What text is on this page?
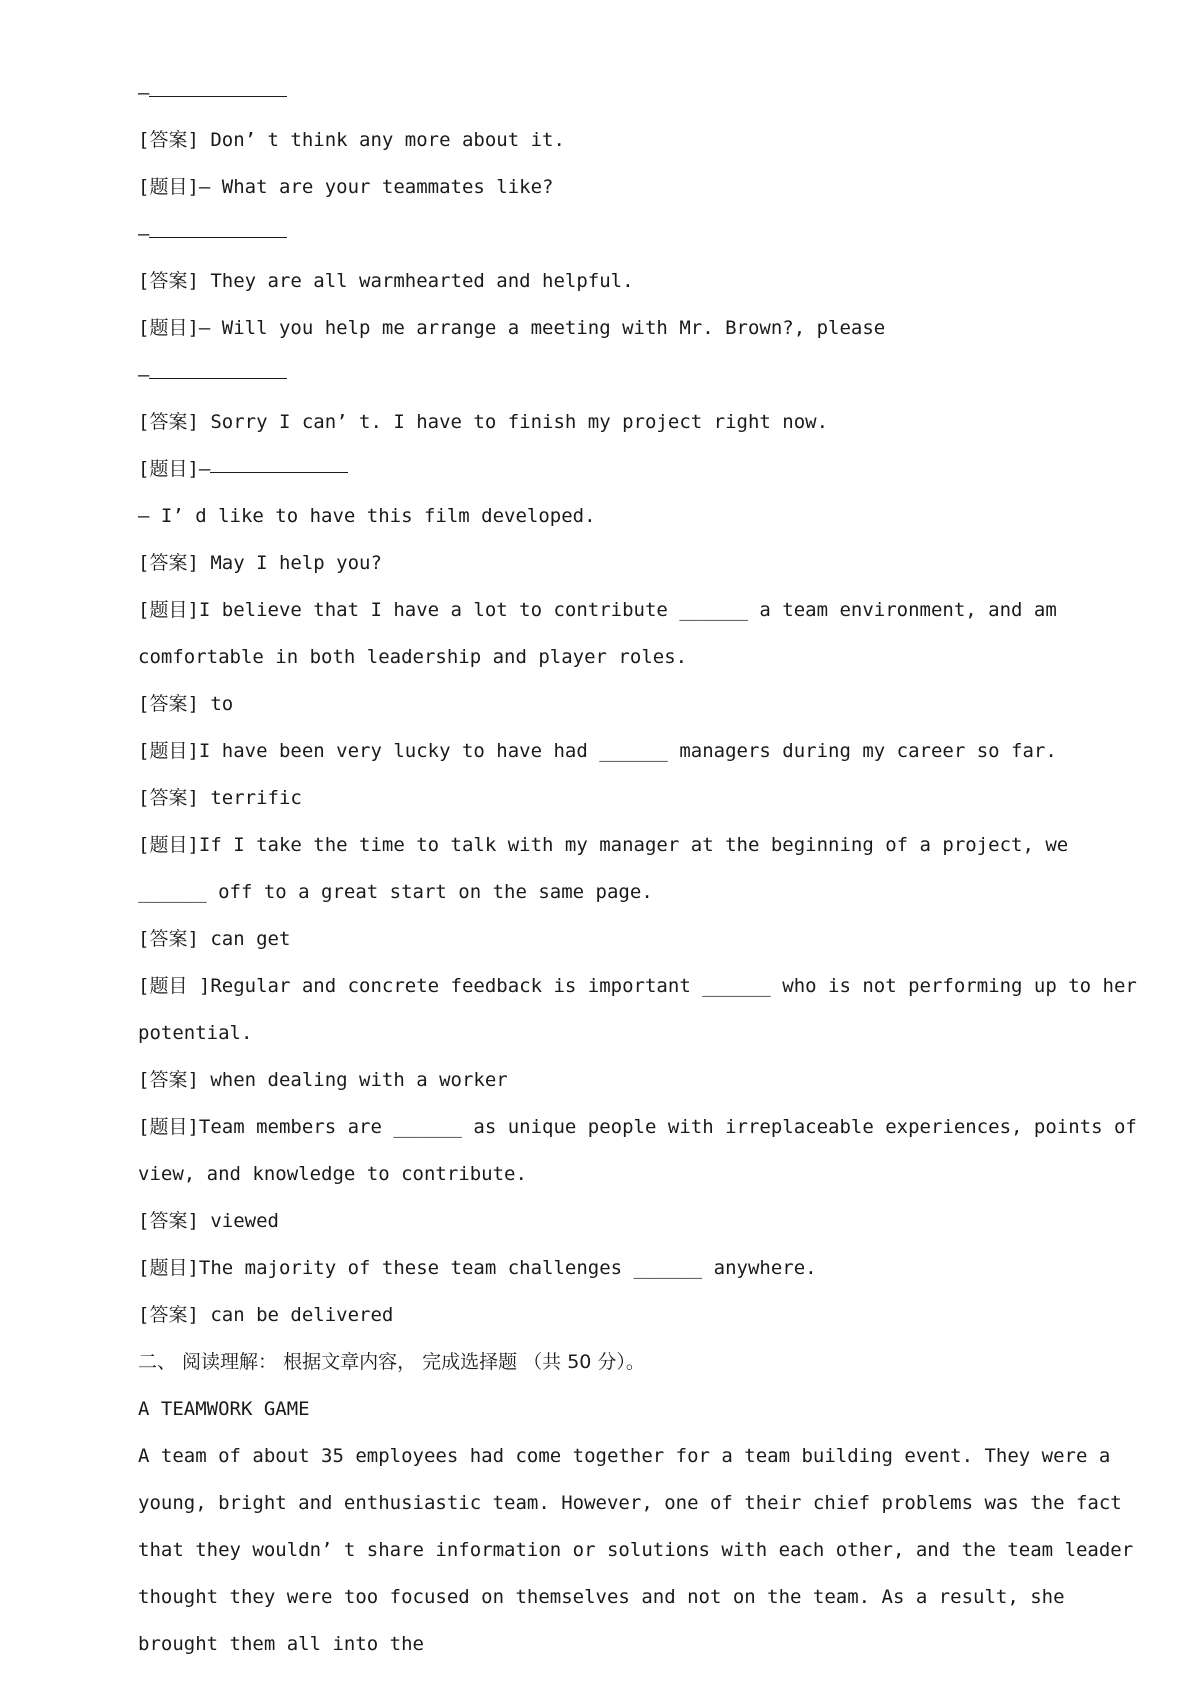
—
[答案] Don’ t think any more about it.
[题目]— What are your teammates like?
—
[答案] They are all warmhearted and helpful.
[题目]— Will you help me arrange a meeting with Mr. Brown?, please
—
[答案] Sorry I can’ t. I have to finish my project right now.
[题目]—
— I’ d like to have this film developed.
[答案] May I help you?
[题目]I believe that I have a lot to contribute ______ a team environment, and am comfortable in both leadership and player roles.
[答案] to
[题目]I have been very lucky to have had ______ managers during my career so far.
[答案] terrific
[题目]If I take the time to talk with my manager at the beginning of a project, we ______ off to a great start on the same page.
[答案] can get
[题目 ]Regular and concrete feedback is important ______ who is not performing up to her potential.
[答案] when dealing with a worker
[题目]Team members are ______ as unique people with irreplaceable experiences, points of view, and knowledge to contribute.
[答案] viewed
[题目]The majority of these team challenges ______ anywhere.
[答案] can be delivered
二、 阅读理解： 根据文章内容， 完成选择题 （共 50 分）。
A TEAMWORK GAME
A team of about 35 employees had come together for a team building event. They were a young, bright and enthusiastic team. However, one of their chief problems was the fact that they wouldn’ t share information or solutions with each other, and the team leader thought they were too focused on themselves and not on the team. As a result, she brought them all into the
